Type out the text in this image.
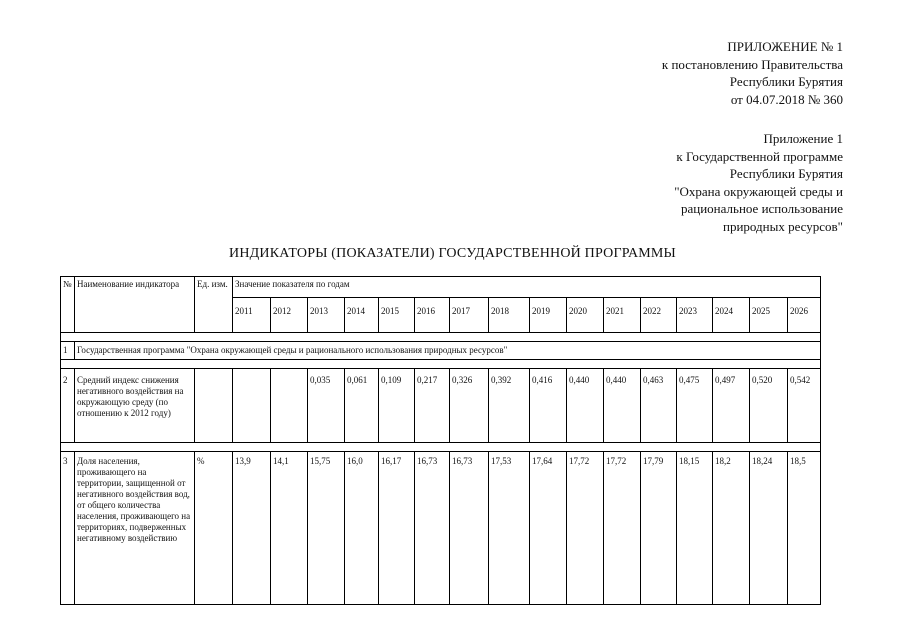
ПРИЛОЖЕНИЕ № 1
к постановлению Правительства
Республики Бурятия
от 04.07.2018 № 360
Приложение 1
к Государственной программе
Республики Бурятия
"Охрана окружающей среды и
рациональное использование
природных ресурсов"
ИНДИКАТОРЫ (ПОКАЗАТЕЛИ) ГОСУДАРСТВЕННОЙ ПРОГРАММЫ
№	Наименование индикатора	Ед. изм.	Значение показателя по годам															
			2011	2012	2013	2014	2015	2016	2017	2018	2019	2020	2021	2022	2023	2024	2025	2026

1	Государственная программа "Охрана окружающей среды и рационального использования природных ресурсов"																	

2	Средний индекс снижения негативного воздействия на окружающую среду (по отношению к 2012 году)				0,035	0,061	0,109	0,217	0,326	0,392	0,416	0,440	0,440	0,463	0,475	0,497	0,520	0,542

3	Доля населения, проживающего на территории, защищенной от негативного воздействия вод, от общего количества населения, проживающего на территориях, подверженных негативному воздействию	%	13,9	14,1	15,75	16,0	16,17	16,73	16,73	17,53	17,64	17,72	17,72	17,79	18,15	18,2	18,24	18,5
